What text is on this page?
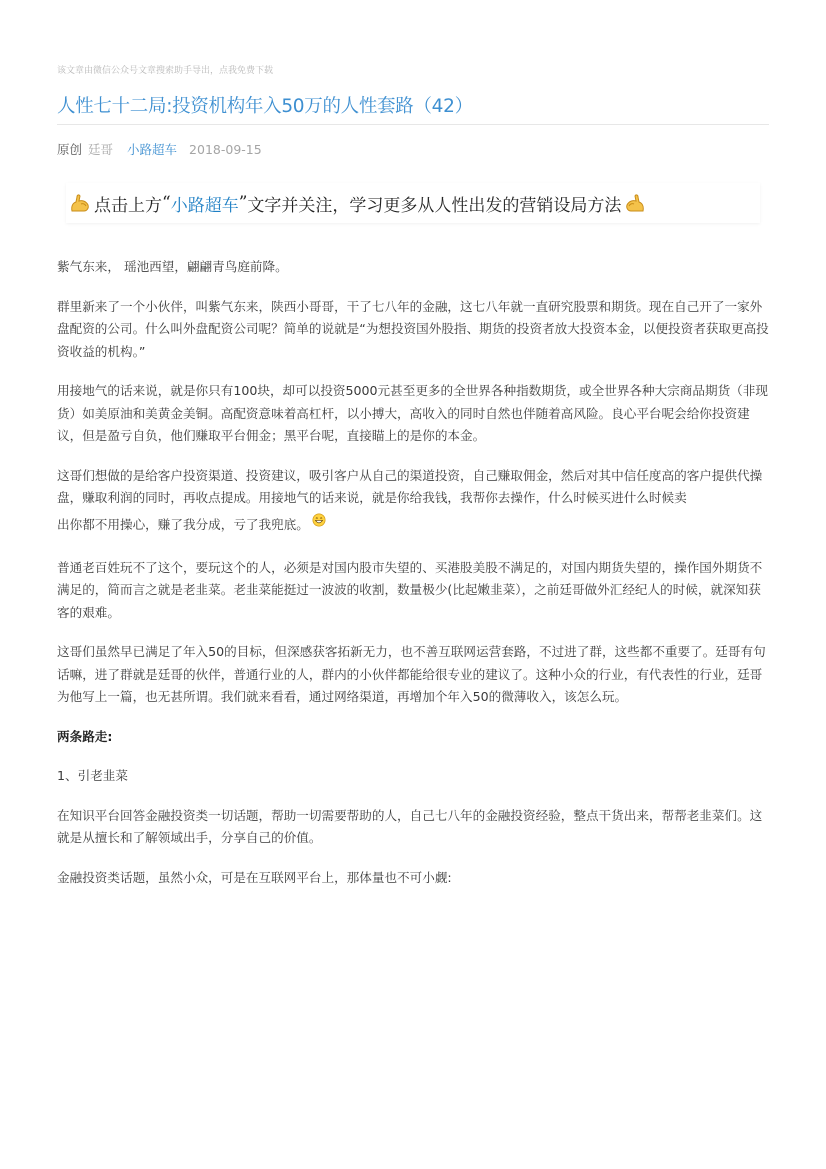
该文章由微信公众号文章搜索助手导出，点我免费下载
人性七十二局:投资机构年入50万的人性套路（42）
原创 廷哥 小路超车 2018-09-15
点击上方 “ 小路超车 ” 文字并关注，学习更多从人性出发的营销设局方法

紫气东来， 瑶池西望，翩翩青鸟庭前降。

群里新来了一个小伙伴，叫紫气东来，陕西小哥哥，干了七八年的金融，这七八年就一直研究股票和期货。现在自己开了一家外盘配资的公司。什么叫外盘配资公司呢？简单的说就是“为想投资国外股指、期货的投资者放大投资本金，以便投资者获取更高投资收益的机构。”

用接地气的话来说，就是你只有100块，却可以投资5000元甚至更多的全世界各种指数期货，或全世界各种大宗商品期货（非现货）如美原油和美黄金美铜。高配资意味着高杠杆，以小搏大，高收入的同时自然也伴随着高风险。良心平台呢会给你投资建议，但是盈亏自负，他们赚取平台佣金；黑平台呢，直接瞄上的是你的本金。

这哥们想做的是给客户投资渠道、投资建议，吸引客户从自己的渠道投资，自己赚取佣金，然后对其中信任度高的客户提供代操盘，赚取利润的同时，再收点提成。用接地气的话来说，就是你给我钱，我帮你去操作，什么时候买进什么时候卖
出你都不用操心，赚了我分成，亏了我兜底。

普通老百姓玩不了这个，要玩这个的人，必须是对国内股市失望的、买港股美股不满足的，对国内期货失望的，操作国外期货不满足的，简而言之就是老韭菜。老韭菜能挺过一波波的收割，数量极少(比起嫩韭菜），之前廷哥做外汇经纪人的时候，就深知获客的艰难。

这哥们虽然早已满足了年入50的目标，但深感获客拓新无力，也不善互联网运营套路，不过进了群，这些都不重要了。廷哥有句话嘛，进了群就是廷哥的伙伴，普通行业的人，群内的小伙伴都能给很专业的建议了。这种小众的行业，有代表性的行业，廷哥为他写上一篇，也无甚所谓。我们就来看看，通过网络渠道，再增加个年入50的微薄收入，该怎么玩。

两条路走:

1、引老韭菜

在知识平台回答金融投资类一切话题，帮助一切需要帮助的人，自己七八年的金融投资经验，整点干货出来，帮帮老韭菜们。这就是从擅长和了解领域出手，分享自己的价值。

金融投资类话题，虽然小众，可是在互联网平台上，那体量也不可小觑:
